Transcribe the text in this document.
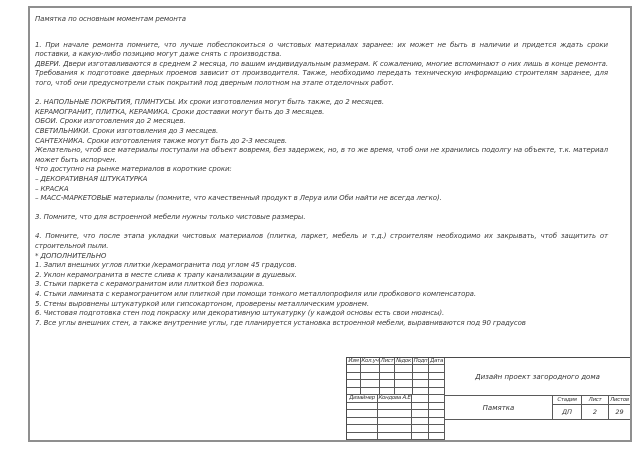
Памятка по основным моментам ремонта
1. При начале ремонта помните, что лучше побеспокоиться о чистовых материалах заранее: их может не быть в наличии и придется ждать сроки поставки, а какую-либо позицию могут даже снять с производства.
ДВЕРИ. Двери изготавливаются в среднем 2 месяца, по вашим индивидуальным размерам. К сожалению, многие вспоминают о них лишь в конце ремонта. Требования к подготовке дверных проемов зависит от производителя. Также, необходимо передать техническую информацию строителям заранее, для того, чтоб они предусмотрели стык покрытий под дверным полотном на этапе отделочных работ.
2. НАПОЛЬНЫЕ ПОКРЫТИЯ, ПЛИНТУСЫ. Их сроки изготовления могут быть также, до 2 месяцев.
КЕРАМОГРАНИТ, ПЛИТКА, КЕРАМИКА. Сроки доставки могут быть до 3 месяцев.
ОБОИ. Сроки изготовления до 2 месяцев.
СВЕТИЛЬНИКИ. Сроки изготовления до 3 месяцев.
САНТЕХНИКА. Сроки изготовления также могут быть до 2-3 месяцев.
Желательно, чтоб все материалы поступали на объект вовремя, без задержек, но, в то же время, чтоб они не хранились подолгу на объекте, т.к. материал может быть испорчен.
Что доступно на рынке материалов в короткие сроки:
– ДЕКОРАТИВНАЯ ШТУКАТУРКА
– КРАСКА
– МАСС-МАРКЕТОВЫЕ материалы (помните, что качественный продукт в Леруа или Оби найти не всегда легко).
3. Помните, что для встроенной мебели нужны только чистовые размеры.
4. Помните, что после этапа укладки чистовых материалов (плитка, паркет, мебель и т.д.) строителям необходимо их закрывать, чтоб защитить от строительной пыли.
* ДОПОЛНИТЕЛЬНО
1. Запил внешних углов плитки /керамогранита под углом 45 градусов.
2. Уклон керамогранита в месте слива к трапу канализации в душевых.
3. Стыки паркета с керамогранитом или плиткой без порожка.
4. Стыки ламината с керамогранитом или плиткой при помощи тонкого металлопрофиля или пробкового компенсатора.
5. Стены выровнены штукатуркой или гипсокартоном, проверены металлическим уровнем.
6. Чистовая подготовка стен под покраску или декоративную штукатурку (у каждой основы есть свои нюансы).
7. Все углы внешних стен, а также внутренние углы, где планируется установка встроенной мебели, выравниваются под 90 градусов
Изм Кол.уч Лист №док Подп Дата
Дизайнер Кондова А.Е
Дизайн проект загородного дома
Памятка
Стадия	Лист	Листов
ДП	2	29
